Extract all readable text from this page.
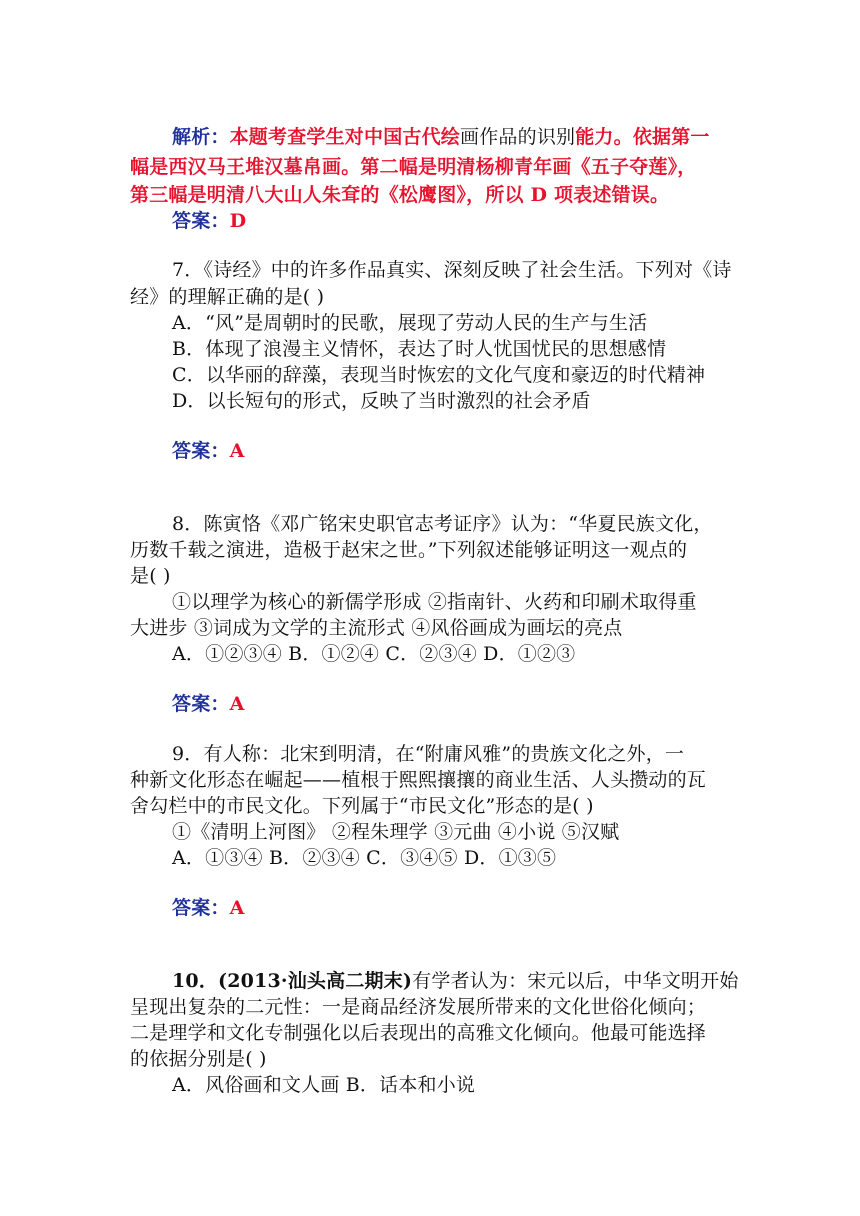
解析：本题考查学生对中国古代绘画作品的识别能力。依据第一
幅是西汉马王堆汉墓帛画。第二幅是明清杨柳青年画《五子夺莲》，
第三幅是明清八大山人朱耷的《松鹰图》，所以 D 项表述错误。
答案：D
7．《诗经》中的许多作品真实、深刻反映了社会生活。下列对《诗
经》的理解正确的是( )
A．“风”是周朝时的民歌，展现了劳动人民的生产与生活
B．体现了浪漫主义情怀，表达了时人忧国忧民的思想感情
C．以华丽的辞藻，表现当时恢宏的文化气度和豪迈的时代精神
D．以长短句的形式，反映了当时激烈的社会矛盾
答案：A
8．陈寅恪《邓广铭宋史职官志考证序》认为：“华夏民族文化，
历数千载之演进，造极于赵宋之世。”下列叙述能够证明这一观点的
是( )
①以理学为核心的新儒学形成 ②指南针、火药和印刷术取得重
大进步 ③词成为文学的主流形式 ④风俗画成为画坛的亮点
A．①②③④ B．①②④ C．②③④ D．①②③
答案：A
9．有人称：北宋到明清，在“附庸风雅”的贵族文化之外，一
种新文化形态在崛起——植根于熙熙攘攘的商业生活、人头攒动的瓦
舍勾栏中的市民文化。下列属于“市民文化”形态的是( )
①《清明上河图》 ②程朱理学 ③元曲 ④小说 ⑤汉赋
A．①③④ B．②③④ C．③④⑤ D．①③⑤
答案：A
10．(2013·汕头高二期末)有学者认为：宋元以后，中华文明开始
呈现出复杂的二元性：一是商品经济发展所带来的文化世俗化倾向；
二是理学和文化专制强化以后表现出的高雅文化倾向。他最可能选择
的依据分别是( )
A．风俗画和文人画 B．话本和小说
